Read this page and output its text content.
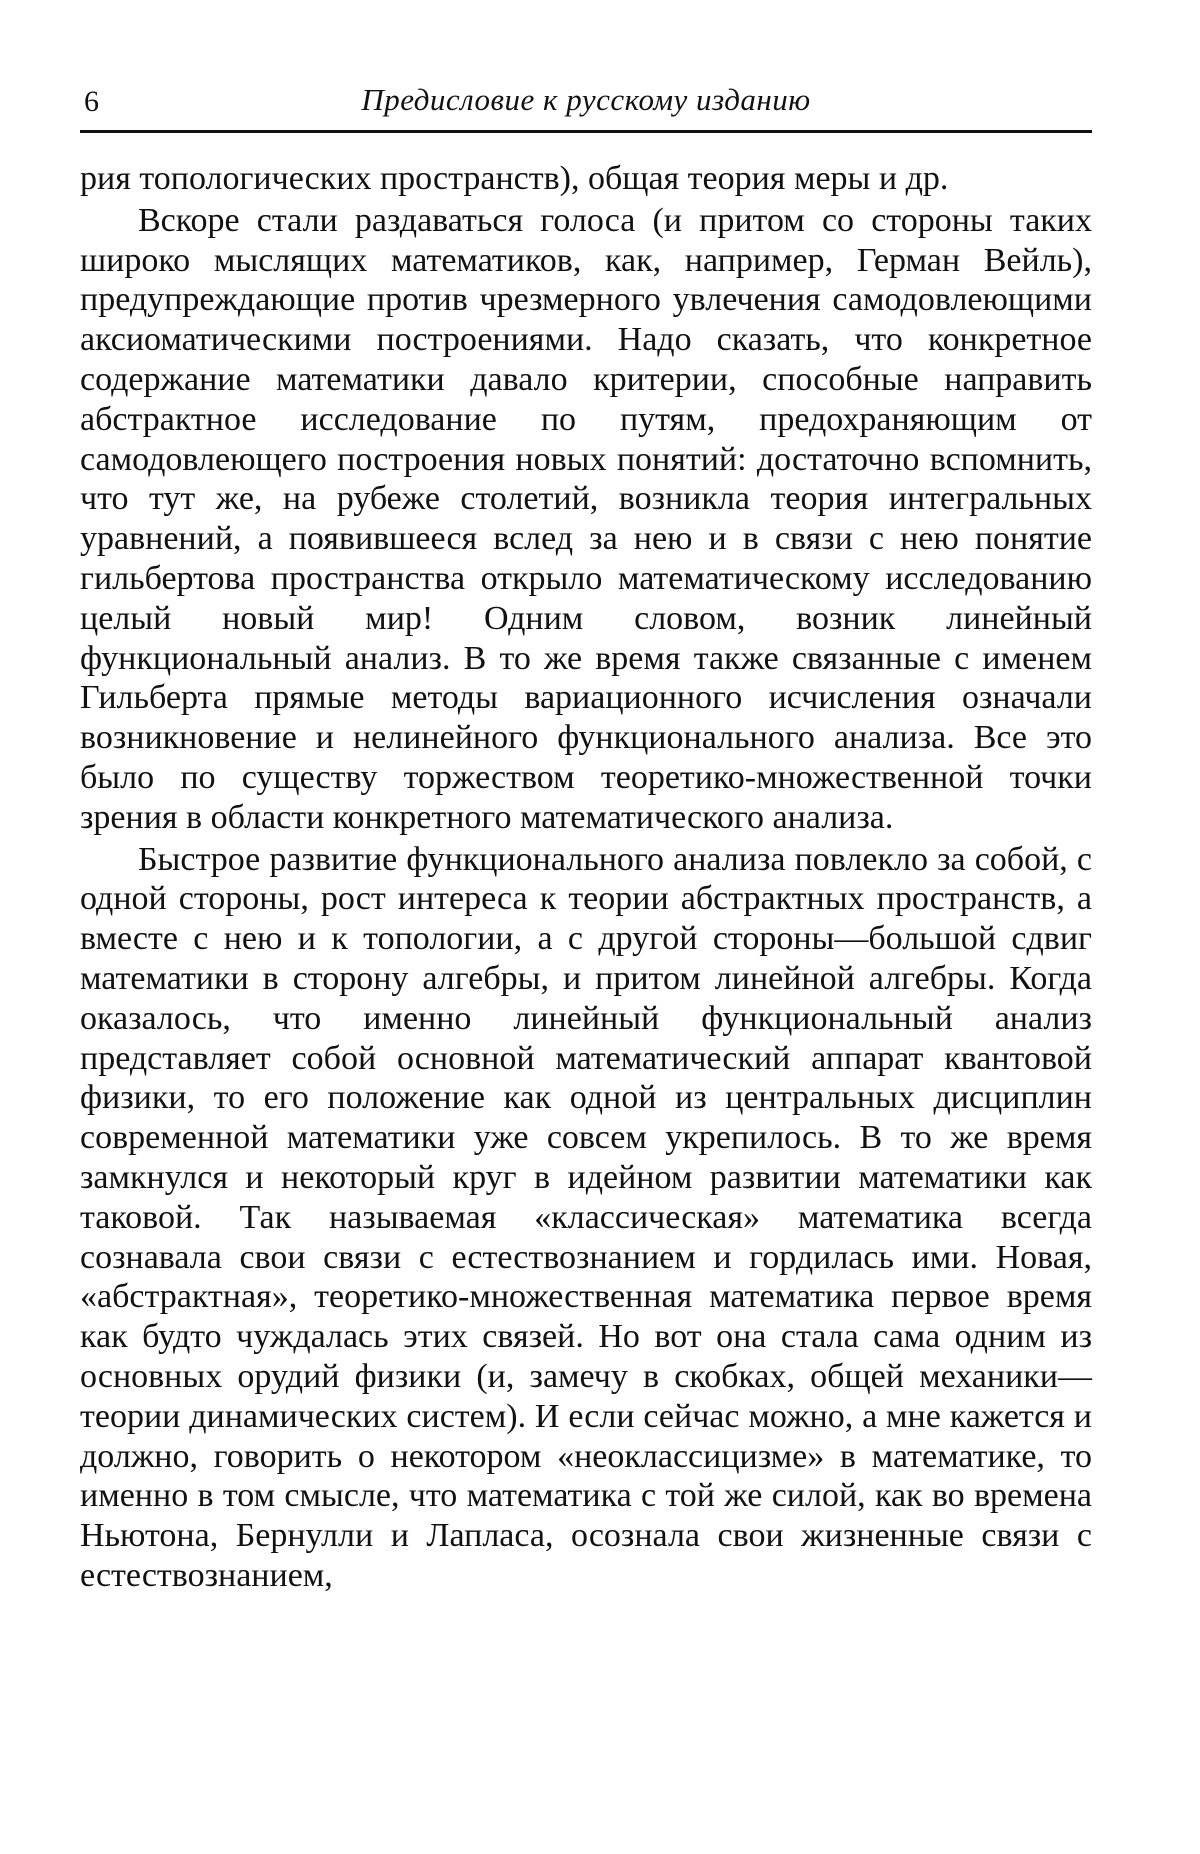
6	Предисловие к русскому изданию

рия топологических пространств), общая теория меры и др.

Вскоре стали раздаваться голоса (и притом со стороны таких широко мыслящих математиков, как, например, Герман Вейль), предупреждающие против чрезмерного увлечения самодовлеющими аксиоматическими построениями. Надо сказать, что конкретное содержание математики давало критерии, способные направить абстрактное исследование по путям, предохраняющим от самодовлеющего построения новых понятий: достаточно вспомнить, что тут же, на рубеже столетий, возникла теория интегральных уравнений, а появившееся вслед за нею и в связи с нею понятие гильбертова пространства открыло математическому исследованию целый новый мир! Одним словом, возник линейный функциональный анализ. В то же время также связанные с именем Гильберта прямые методы вариационного исчисления означали возникновение и нелинейного функционального анализа. Все это было по существу торжеством теоретико-множественной точки зрения в области конкретного математического анализа.

Быстрое развитие функционального анализа повлекло за собой, с одной стороны, рост интереса к теории абстрактных пространств, а вместе с нею и к топологии, а с другой стороны—большой сдвиг математики в сторону алгебры, и притом линейной алгебры. Когда оказалось, что именно линейный функциональный анализ представляет собой основной математический аппарат квантовой физики, то его положение как одной из центральных дисциплин современной математики уже совсем укрепилось. В то же время замкнулся и некоторый круг в идейном развитии математики как таковой. Так называемая «классическая» математика всегда сознавала свои связи с естествознанием и гордилась ими. Новая, «абстрактная», теоретико-множественная математика первое время как будто чуждалась этих связей. Но вот она стала сама одним из основных орудий физики (и, замечу в скобках, общей механики— теории динамических систем). И если сейчас можно, а мне кажется и должно, говорить о некотором «неоклассицизме» в математике, то именно в том смысле, что математика с той же силой, как во времена Ньютона, Бернулли и Лапласа, осознала свои жизненные связи с естествознанием,
